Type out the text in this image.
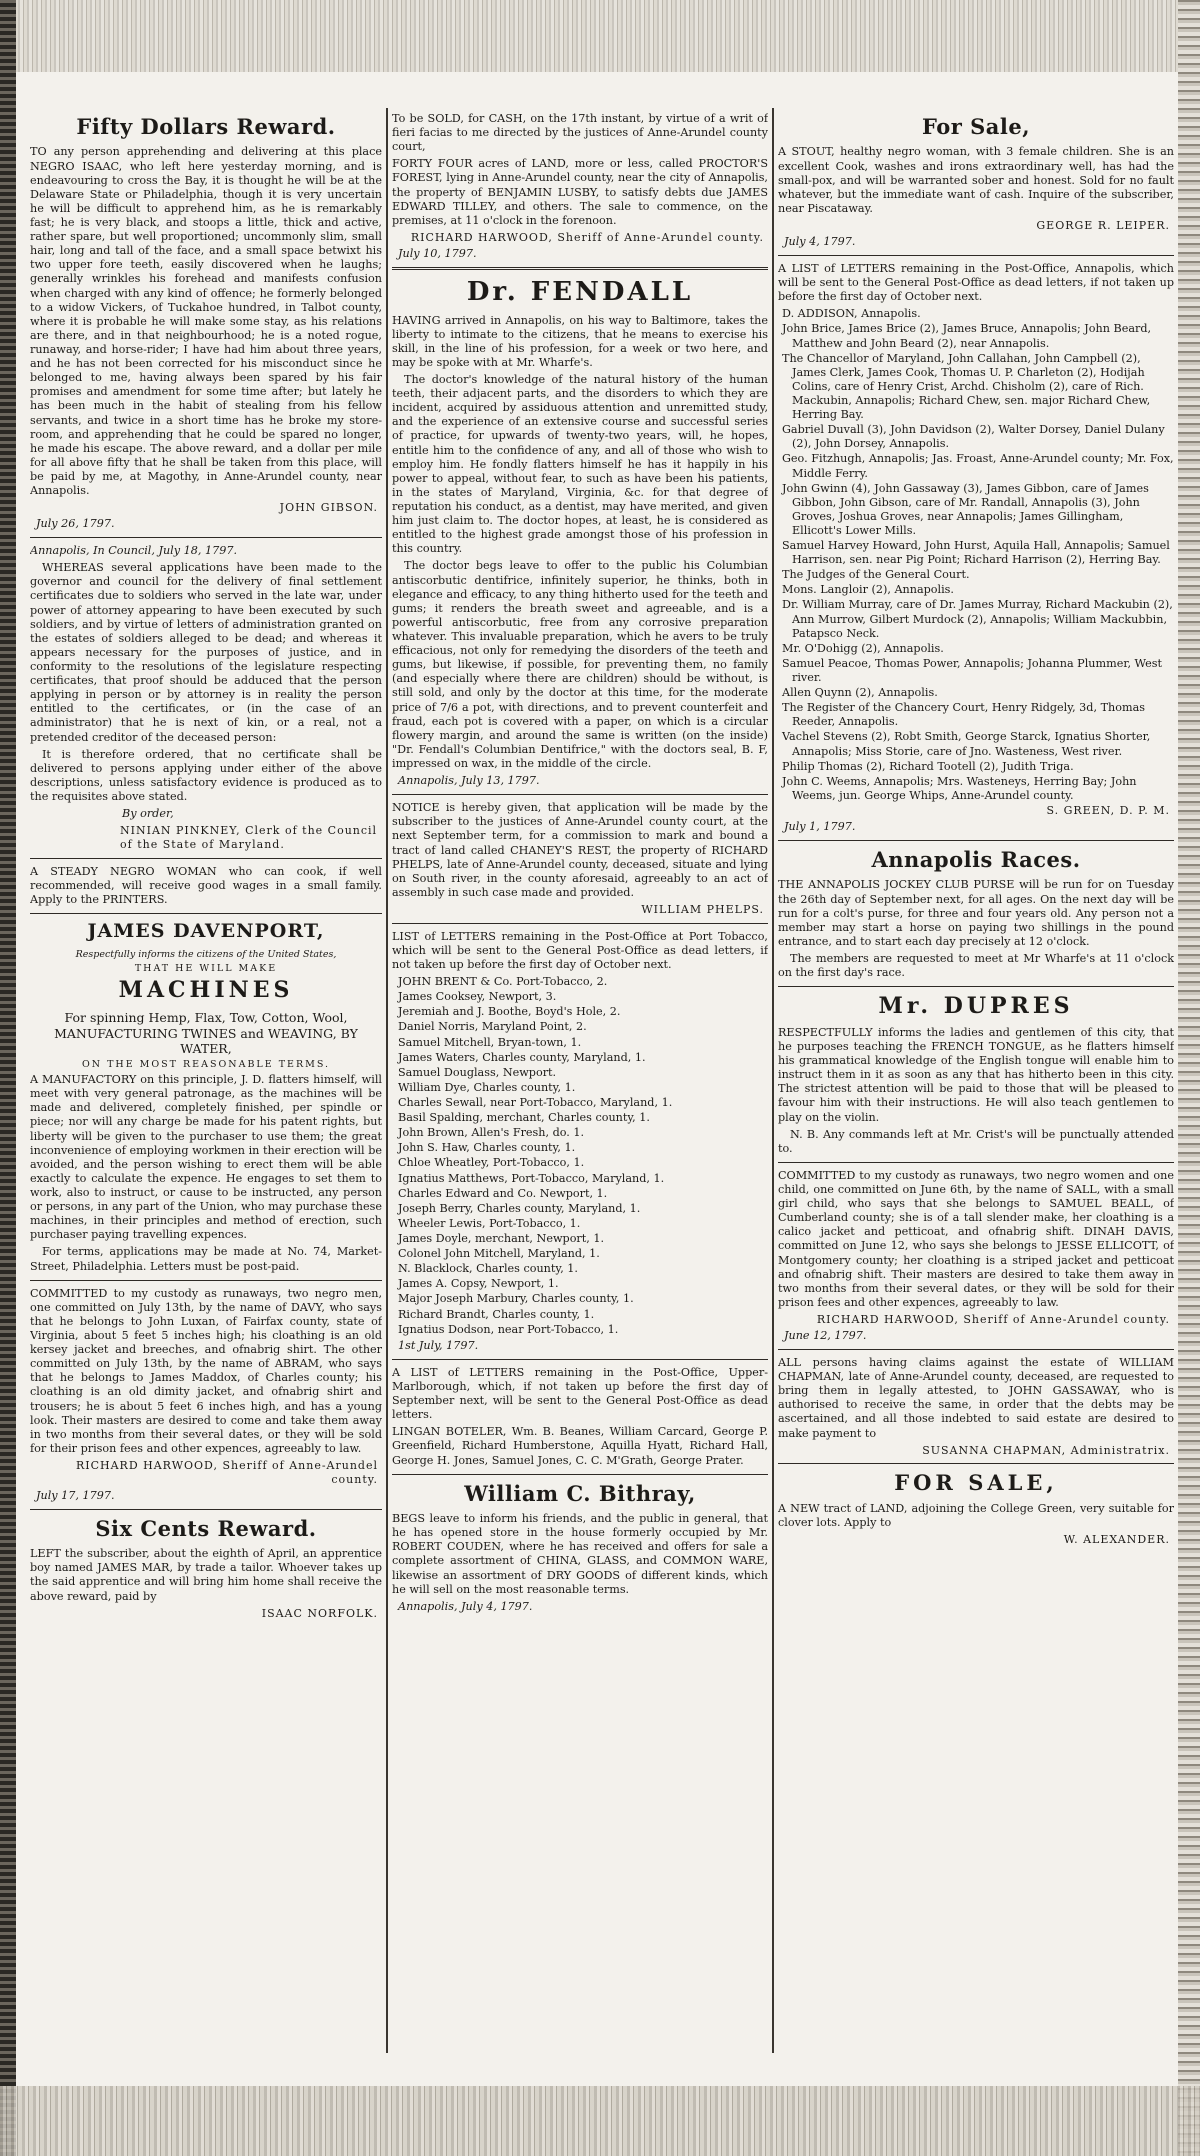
Fifty Dollars Reward.

TO any person apprehending and delivering at this place NEGRO ISAAC, who left here yesterday morning, and is endeavouring to cross the Bay, it is thought he will be at the Delaware State or Philadelphia, though it is very uncertain he will be difficult to apprehend him, as he is remarkably fast; he is very black, and stoops a little, thick and active, rather spare, but well proportioned; uncommonly slim, small hair, long and tall of the face, and a small space betwixt his two upper fore teeth, easily discovered when he laughs; generally wrinkles his forehead and manifests confusion when charged with any kind of offence; he formerly belonged to a widow Vickers, of Tuckahoe hundred, in Talbot county, where it is probable he will make some stay, as his relations are there, and in that neighbourhood; he is a noted rogue, runaway, and horse-rider; I have had him about three years, and he has not been corrected for his misconduct since he belonged to me, having always been spared by his fair promises and amendment for some time after; but lately he has been much in the habit of stealing from his fellow servants, and twice in a short time has he broke my store-room, and apprehending that he could be spared no longer, he made his escape. The above reward, and a dollar per mile for all above fifty that he shall be taken from this place, will be paid by me, at Magothy, in Anne-Arundel county, near Annapolis.

JOHN GIBSON.
July 26, 1797.

Annapolis, In Council, July 18, 1797.

WHEREAS several applications have been made to the governor and council for the delivery of final settlement certificates due to soldiers who served in the late war, under power of attorney appearing to have been executed by such soldiers, and by virtue of letters of administration granted on the estates of soldiers alleged to be dead; and whereas it appears necessary for the purposes of justice, and in conformity to the resolutions of the legislature respecting certificates, that proof should be adduced that the person applying in person or by attorney is in reality the person entitled to the certificates, or (in the case of an administrator) that he is next of kin, or a real, not a pretended creditor of the deceased person:

It is therefore ordered, that no certificate shall be delivered to persons applying under either of the above descriptions, unless satisfactory evidence is produced as to the requisites above stated.

By order,

NINIAN PINKNEY, Clerk of the Council of the State of Maryland.

A STEADY NEGRO WOMAN who can cook, if well recommended, will receive good wages in a small family. Apply to the PRINTERS.

JAMES DAVENPORT,
Respectfully informs the citizens of the United States,
THAT HE WILL MAKE
MACHINES
For spinning Hemp, Flax, Tow, Cotton, Wool, MANUFACTURING TWINES and WEAVING, BY WATER,
ON THE MOST REASONABLE TERMS.

A MANUFACTORY on this principle, J. D. flatters himself, will meet with very general patronage, as the machines will be made and delivered, completely finished, per spindle or piece; nor will any charge be made for his patent rights, but liberty will be given to the purchaser to use them; the great inconvenience of employing workmen in their erection will be avoided, and the person wishing to erect them will be able exactly to calculate the expence. He engages to set them to work, also to instruct, or cause to be instructed, any person or persons, in any part of the Union, who may purchase these machines, in their principles and method of erection, such purchaser paying travelling expences.

For terms, applications may be made at No. 74, Market-Street, Philadelphia. Letters must be post-paid.

COMMITTED to my custody as runaways, two negro men, one committed on July 13th, by the name of DAVY, who says that he belongs to John Luxan, of Fairfax county, state of Virginia, about 5 feet 5 inches high; his cloathing is an old kersey jacket and breeches, and ofnabrig shirt. The other committed on July 13th, by the name of ABRAM, who says that he belongs to James Maddox, of Charles county; his cloathing is an old dimity jacket, and ofnabrig shirt and trousers; he is about 5 feet 6 inches high, and has a young look. Their masters are desired to come and take them away in two months from their several dates, or they will be sold for their prison fees and other expences, agreeably to law.

RICHARD HARWOOD, Sheriff of Anne-Arundel county.
July 17, 1797.
Six Cents Reward.

LEFT the subscriber, about the eighth of April, an apprentice boy named JAMES MAR, by trade a tailor. Whoever takes up the said apprentice and will bring him home shall receive the above reward, paid by

ISAAC NORFOLK.

To be SOLD, for CASH, on the 17th instant, by virtue of a writ of fieri facias to me directed by the justices of Anne-Arundel county court,

FORTY FOUR acres of LAND, more or less, called PROCTOR'S FOREST, lying in Anne-Arundel county, near the city of Annapolis, the property of BENJAMIN LUSBY, to satisfy debts due JAMES EDWARD TILLEY, and others. The sale to commence, on the premises, at 11 o'clock in the forenoon.

RICHARD HARWOOD, Sheriff of Anne-Arundel county.
July 10, 1797.
Dr. FENDALL

HAVING arrived in Annapolis, on his way to Baltimore, takes the liberty to intimate to the citizens, that he means to exercise his skill, in the line of his profession, for a week or two here, and may be spoke with at Mr. Wharfe's.

The doctor's knowledge of the natural history of the human teeth, their adjacent parts, and the disorders to which they are incident, acquired by assiduous attention and unremitted study, and the experience of an extensive course and successful series of practice, for upwards of twenty-two years, will, he hopes, entitle him to the confidence of any, and all of those who wish to employ him. He fondly flatters himself he has it happily in his power to appeal, without fear, to such as have been his patients, in the states of Maryland, Virginia, &c. for that degree of reputation his conduct, as a dentist, may have merited, and given him just claim to. The doctor hopes, at least, he is considered as entitled to the highest grade amongst those of his profession in this country.

The doctor begs leave to offer to the public his Columbian antiscorbutic dentifrice, infinitely superior, he thinks, both in elegance and efficacy, to any thing hitherto used for the teeth and gums; it renders the breath sweet and agreeable, and is a powerful antiscorbutic, free from any corrosive preparation whatever. This invaluable preparation, which he avers to be truly efficacious, not only for remedying the disorders of the teeth and gums, but likewise, if possible, for preventing them, no family (and especially where there are children) should be without, is still sold, and only by the doctor at this time, for the moderate price of 7/6 a pot, with directions, and to prevent counterfeit and fraud, each pot is covered with a paper, on which is a circular flowery margin, and around the same is written (on the inside) "Dr. Fendall's Columbian Dentifrice," with the doctors seal, B. F, impressed on wax, in the middle of the circle.

Annapolis, July 13, 1797.

NOTICE is hereby given, that application will be made by the subscriber to the justices of Anne-Arundel county court, at the next September term, for a commission to mark and bound a tract of land called CHANEY'S REST, the property of RICHARD PHELPS, late of Anne-Arundel county, deceased, situate and lying on South river, in the county aforesaid, agreeably to an act of assembly in such case made and provided.

WILLIAM PHELPS.

LIST of LETTERS remaining in the Post-Office at Port Tobacco, which will be sent to the General Post-Office as dead letters, if not taken up before the first day of October next.

JOHN BRENT & Co. Port-Tobacco, 2.
James Cooksey, Newport, 3.
Jeremiah and J. Boothe, Boyd's Hole, 2.
Daniel Norris, Maryland Point, 2.
Samuel Mitchell, Bryan-town, 1.
James Waters, Charles county, Maryland, 1.
Samuel Douglass, Newport.
William Dye, Charles county, 1.
Charles Sewall, near Port-Tobacco, Maryland, 1.
Basil Spalding, merchant, Charles county, 1.
John Brown, Allen's Fresh, do. 1.
John S. Haw, Charles county, 1.
Chloe Wheatley, Port-Tobacco, 1.
Ignatius Matthews, Port-Tobacco, Maryland, 1.
Charles Edward and Co. Newport, 1.
Joseph Berry, Charles county, Maryland, 1.
Wheeler Lewis, Port-Tobacco, 1.
James Doyle, merchant, Newport, 1.
Colonel John Mitchell, Maryland, 1.
N. Blacklock, Charles county, 1.
James A. Copsy, Newport, 1.
Major Joseph Marbury, Charles county, 1.
Richard Brandt, Charles county, 1.
Ignatius Dodson, near Port-Tobacco, 1.
1st July, 1797.

A LIST of LETTERS remaining in the Post-Office, Upper-Marlborough, which, if not taken up before the first day of September next, will be sent to the General Post-Office as dead letters.

LINGAN BOTELER, Wm. B. Beanes, William Carcard, George P. Greenfield, Richard Humberstone, Aquilla Hyatt, Richard Hall, George H. Jones, Samuel Jones, C. C. M'Grath, George Prater.

William C. Bithray,

BEGS leave to inform his friends, and the public in general, that he has opened store in the house formerly occupied by Mr. ROBERT COUDEN, where he has received and offers for sale a complete assortment of CHINA, GLASS, and COMMON WARE, likewise an assortment of DRY GOODS of different kinds, which he will sell on the most reasonable terms.

Annapolis, July 4, 1797.
For Sale,

A STOUT, healthy negro woman, with 3 female children. She is an excellent Cook, washes and irons extraordinary well, has had the small-pox, and will be warranted sober and honest. Sold for no fault whatever, but the immediate want of cash. Inquire of the subscriber, near Piscataway.

GEORGE R. LEIPER.
July 4, 1797.

A LIST of LETTERS remaining in the Post-Office, Annapolis, which will be sent to the General Post-Office as dead letters, if not taken up before the first day of October next.

D. ADDISON, Annapolis.
John Brice, James Brice (2), James Bruce, Annapolis; John Beard, Matthew and John Beard (2), near Annapolis.
The Chancellor of Maryland, John Callahan, John Campbell (2), James Clerk, James Cook, Thomas U. P. Charleton (2), Hodijah Colins, care of Henry Crist, Archd. Chisholm (2), care of Rich. Mackubin, Annapolis; Richard Chew, sen. major Richard Chew, Herring Bay.
Gabriel Duvall (3), John Davidson (2), Walter Dorsey, Daniel Dulany (2), John Dorsey, Annapolis.
Geo. Fitzhugh, Annapolis; Jas. Froast, Anne-Arundel county; Mr. Fox, Middle Ferry.
John Gwinn (4), John Gassaway (3), James Gibbon, care of James Gibbon, John Gibson, care of Mr. Randall, Annapolis (3), John Groves, Joshua Groves, near Annapolis; James Gillingham, Ellicott's Lower Mills.
Samuel Harvey Howard, John Hurst, Aquila Hall, Annapolis; Samuel Harrison, sen. near Pig Point; Richard Harrison (2), Herring Bay.
The Judges of the General Court.
Mons. Langloir (2), Annapolis.
Dr. William Murray, care of Dr. James Murray, Richard Mackubin (2), Ann Murrow, Gilbert Murdock (2), Annapolis; William Mackubbin, Patapsco Neck.
Mr. O'Dohigg (2), Annapolis.
Samuel Peacoe, Thomas Power, Annapolis; Johanna Plummer, West river.
Allen Quynn (2), Annapolis.
The Register of the Chancery Court, Henry Ridgely, 3d, Thomas Reeder, Annapolis.
Vachel Stevens (2), Robt Smith, George Starck, Ignatius Shorter, Annapolis; Miss Storie, care of Jno. Wasteness, West river.
Philip Thomas (2), Richard Tootell (2), Judith Triga.
John C. Weems, Annapolis; Mrs. Wasteneys, Herring Bay; John Weems, jun. George Whips, Anne-Arundel county.
S. GREEN, D. P. M.
July 1, 1797.
Annapolis Races.

THE ANNAPOLIS JOCKEY CLUB PURSE will be run for on Tuesday the 26th day of September next, for all ages. On the next day will be run for a colt's purse, for three and four years old. Any person not a member may start a horse on paying two shillings in the pound entrance, and to start each day precisely at 12 o'clock.

The members are requested to meet at Mr Wharfe's at 11 o'clock on the first day's race.

Mr. DUPRES

RESPECTFULLY informs the ladies and gentlemen of this city, that he purposes teaching the FRENCH TONGUE, as he flatters himself his grammatical knowledge of the English tongue will enable him to instruct them in it as soon as any that has hitherto been in this city. The strictest attention will be paid to those that will be pleased to favour him with their instructions. He will also teach gentlemen to play on the violin.

N. B. Any commands left at Mr. Crist's will be punctually attended to.

COMMITTED to my custody as runaways, two negro women and one child, one committed on June 6th, by the name of SALL, with a small girl child, who says that she belongs to SAMUEL BEALL, of Cumberland county; she is of a tall slender make, her cloathing is a calico jacket and petticoat, and ofnabrig shift. DINAH DAVIS, committed on June 12, who says she belongs to JESSE ELLICOTT, of Montgomery county; her cloathing is a striped jacket and petticoat and ofnabrig shift. Their masters are desired to take them away in two months from their several dates, or they will be sold for their prison fees and other expences, agreeably to law.

RICHARD HARWOOD, Sheriff of Anne-Arundel county.
June 12, 1797.

ALL persons having claims against the estate of WILLIAM CHAPMAN, late of Anne-Arundel county, deceased, are requested to bring them in legally attested, to JOHN GASSAWAY, who is authorised to receive the same, in order that the debts may be ascertained, and all those indebted to said estate are desired to make payment to

SUSANNA CHAPMAN, Administratrix.
FOR SALE,

A NEW tract of LAND, adjoining the College Green, very suitable for clover lots. Apply to

W. ALEXANDER.
